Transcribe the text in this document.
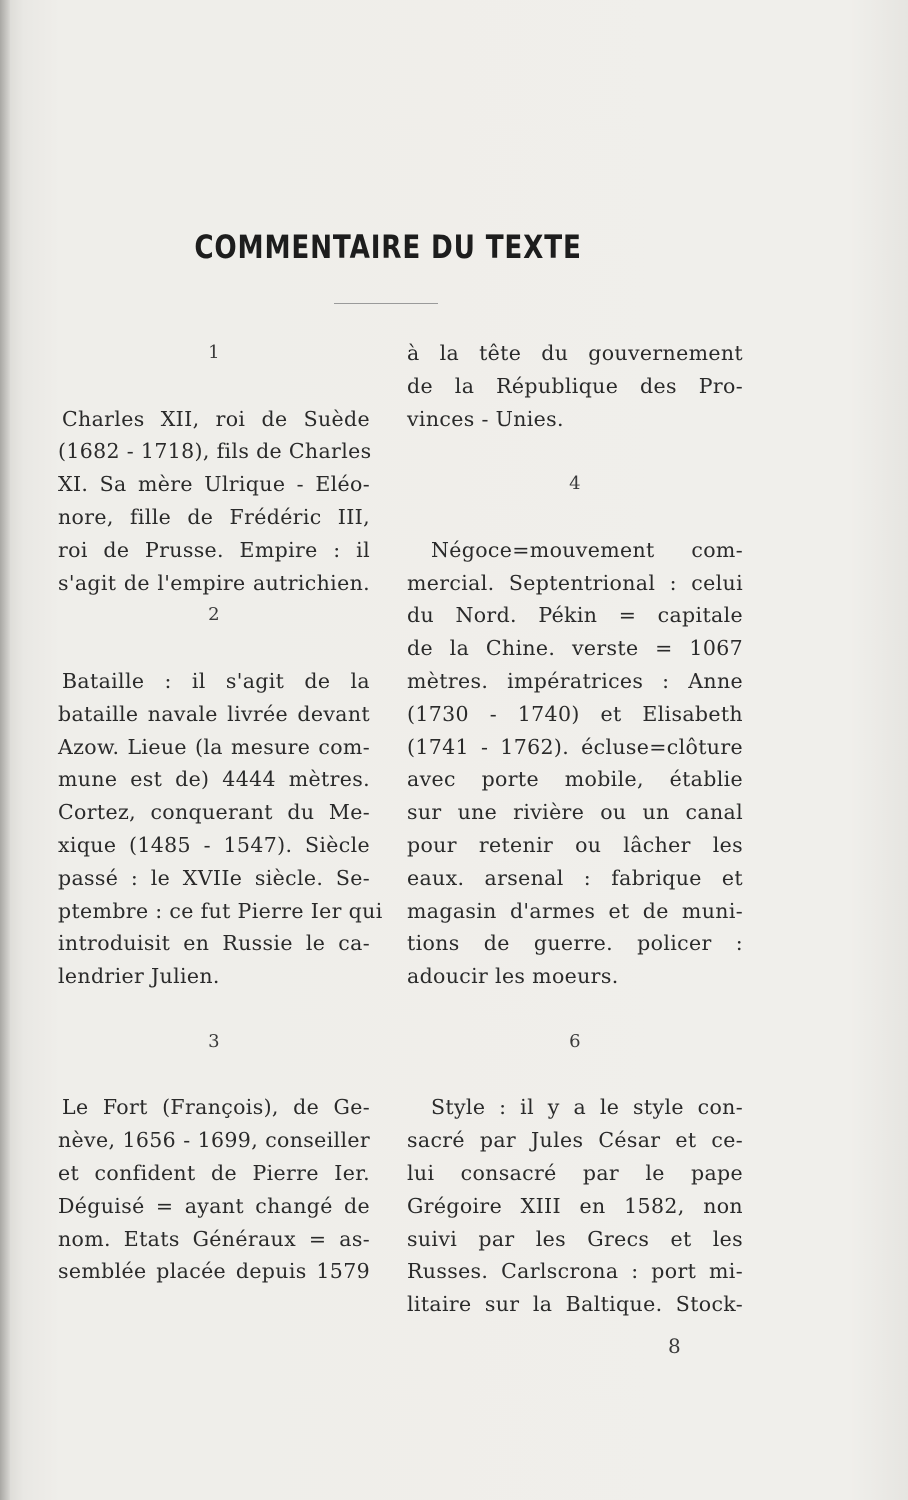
COMMENTAIRE DU TEXTE
1
Charles XII, roi de Suède
(1682 - 1718), fils de Charles
XI. Sa mère Ulrique - Eléo-
nore, fille de Frédéric III,
roi de Prusse. Empire : il
s'agit de l'empire autrichien.
2
Bataille : il s'agit de la
bataille navale livrée devant
Azow. Lieue (la mesure com-
mune est de) 4444 mètres.
Cortez, conquerant du Me-
xique (1485 - 1547). Siècle
passé : le XVIIe siècle. Se-
ptembre : ce fut Pierre Ier qui
introduisit en Russie le ca-
lendrier Julien.
3
Le Fort (François), de Ge-
nève, 1656 - 1699, conseiller
et confident de Pierre Ier.
Déguisé = ayant changé de
nom. Etats Généraux = as-
semblée placée depuis 1579
à la tête du gouvernement
de la République des Pro-
vinces - Unies.
4
Négoce=mouvement com-
mercial. Septentrional : celui
du Nord. Pékin = capitale
de la Chine. verste = 1067
mètres. impératrices : Anne
(1730 - 1740) et Elisabeth
(1741 - 1762). écluse=clôture
avec porte mobile, établie
sur une rivière ou un canal
pour retenir ou lâcher les
eaux. arsenal : fabrique et
magasin d'armes et de muni-
tions de guerre. policer :
adoucir les moeurs.
6
Style : il y a le style con-
sacré par Jules César et ce-
lui consacré par le pape
Grégoire XIII en 1582, non
suivi par les Grecs et les
Russes. Carlscrona : port mi-
litaire sur la Baltique. Stock-
8
